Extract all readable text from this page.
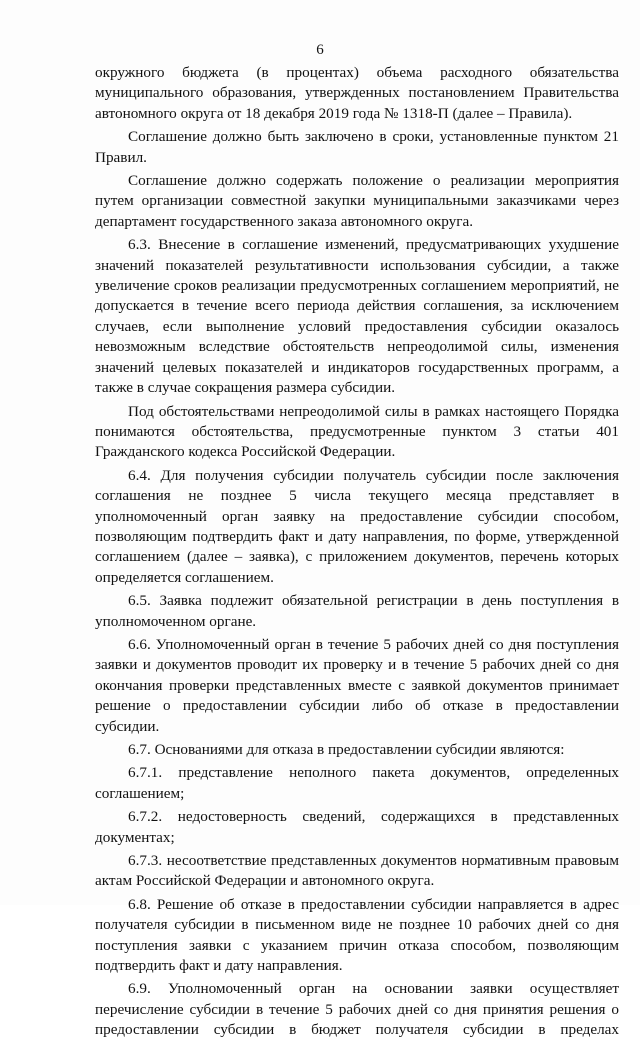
6

окружного бюджета (в процентах) объема расходного обязательства муниципального образования, утвержденных постановлением Правительства автономного округа от 18 декабря 2019 года № 1318-П (далее – Правила).

Соглашение должно быть заключено в сроки, установленные пунктом 21 Правил.

Соглашение должно содержать положение о реализации мероприятия путем организации совместной закупки муниципальными заказчиками через департамент государственного заказа автономного округа.

6.3. Внесение в соглашение изменений, предусматривающих ухудшение значений показателей результативности использования субсидии, а также увеличение сроков реализации предусмотренных соглашением мероприятий, не допускается в течение всего периода действия соглашения, за исключением случаев, если выполнение условий предоставления субсидии оказалось невозможным вследствие обстоятельств непреодолимой силы, изменения значений целевых показателей и индикаторов государственных программ, а также в случае сокращения размера субсидии.

Под обстоятельствами непреодолимой силы в рамках настоящего Порядка понимаются обстоятельства, предусмотренные пунктом 3 статьи 401 Гражданского кодекса Российской Федерации.

6.4. Для получения субсидии получатель субсидии после заключения соглашения не позднее 5 числа текущего месяца представляет в уполномоченный орган заявку на предоставление субсидии способом, позволяющим подтвердить факт и дату направления, по форме, утвержденной соглашением (далее – заявка), с приложением документов, перечень которых определяется соглашением.

6.5. Заявка подлежит обязательной регистрации в день поступления в уполномоченном органе.

6.6. Уполномоченный орган в течение 5 рабочих дней со дня поступления заявки и документов проводит их проверку и в течение 5 рабочих дней со дня окончания проверки представленных вместе с заявкой документов принимает решение о предоставлении субсидии либо об отказе в предоставлении субсидии.

6.7. Основаниями для отказа в предоставлении субсидии являются:

6.7.1. представление неполного пакета документов, определенных соглашением;

6.7.2. недостоверность сведений, содержащихся в представленных документах;

6.7.3. несоответствие представленных документов нормативным правовым актам Российской Федерации и автономного округа.

6.8. Решение об отказе в предоставлении субсидии направляется в адрес получателя субсидии в письменном виде не позднее 10 рабочих дней со дня поступления заявки с указанием причин отказа способом, позволяющим подтвердить факт и дату направления.

6.9. Уполномоченный орган на основании заявки осуществляет перечисление субсидии в течение 5 рабочих дней со дня принятия решения о предоставлении субсидии в бюджет получателя субсидии в пределах
